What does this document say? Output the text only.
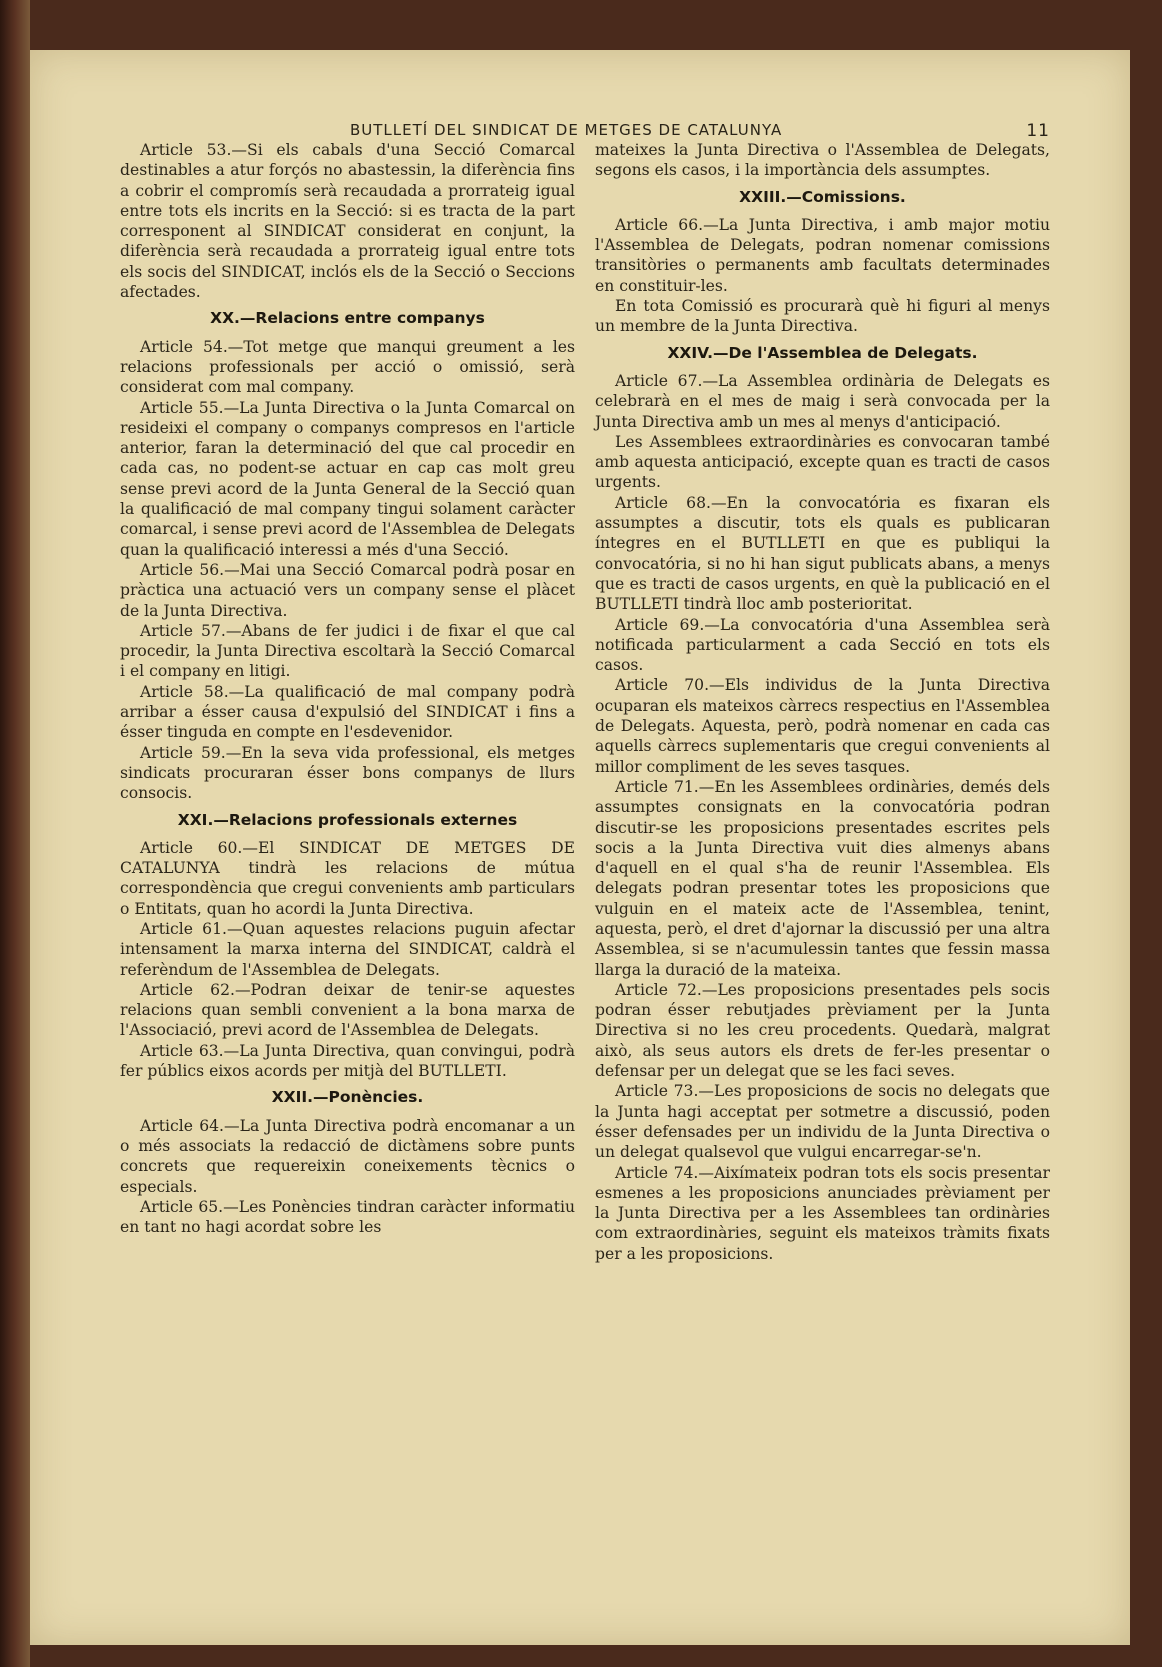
BUTLLETÍ DEL SINDICAT DE METGES DE CATALUNYA	11

Article 53.—Si els cabals d'una Secció Comarcal destinables a atur forçós no abastessin, la diferència fins a cobrir el compromís serà recaudada a prorrateig igual entre tots els incrits en la Secció: si es tracta de la part corresponent al SINDICAT considerat en conjunt, la diferència serà recaudada a prorrateig igual entre tots els socis del SINDICAT, inclós els de la Secció o Seccions afectades.

XX.—Relacions entre companys

Article 54.—Tot metge que manqui greument a les relacions professionals per acció o omissió, serà considerat com mal company.

Article 55.—La Junta Directiva o la Junta Comarcal on resideixi el company o companys compresos en l'article anterior, faran la determinació del que cal procedir en cada cas, no podent-se actuar en cap cas molt greu sense previ acord de la Junta General de la Secció quan la qualificació de mal company tingui solament caràcter comarcal, i sense previ acord de l'Assemblea de Delegats quan la qualificació interessi a més d'una Secció.

Article 56.—Mai una Secció Comarcal podrà posar en pràctica una actuació vers un company sense el plàcet de la Junta Directiva.

Article 57.—Abans de fer judici i de fixar el que cal procedir, la Junta Directiva escoltarà la Secció Comarcal i el company en litigi.

Article 58.—La qualificació de mal company podrà arribar a ésser causa d'expulsió del SINDICAT i fins a ésser tinguda en compte en l'esdevenidor.

Article 59.—En la seva vida professional, els metges sindicats procuraran ésser bons companys de llurs consocis.

XXI.—Relacions professionals externes

Article 60.—El SINDICAT DE METGES DE CATALUNYA tindrà les relacions de mútua correspondència que cregui convenients amb particulars o Entitats, quan ho acordi la Junta Directiva.

Article 61.—Quan aquestes relacions puguin afectar intensament la marxa interna del SINDICAT, caldrà el referèndum de l'Assemblea de Delegats.

Article 62.—Podran deixar de tenir-se aquestes relacions quan sembli convenient a la bona marxa de l'Associació, previ acord de l'Assemblea de Delegats.

Article 63.—La Junta Directiva, quan convingui, podrà fer públics eixos acords per mitjà del BUTLLETI.

XXII.—Ponències.

Article 64.—La Junta Directiva podrà encomanar a un o més associats la redacció de dictàmens sobre punts concrets que requereixin coneixements tècnics o especials.

Article 65.—Les Ponències tindran caràcter informatiu en tant no hagi acordat sobre les

mateixes la Junta Directiva o l'Assemblea de Delegats, segons els casos, i la importància dels assumptes.

XXIII.—Comissions.

Article 66.—La Junta Directiva, i amb major motiu l'Assemblea de Delegats, podran nomenar comissions transitòries o permanents amb facultats determinades en constituir-les.

En tota Comissió es procurarà què hi figuri al menys un membre de la Junta Directiva.

XXIV.—De l'Assemblea de Delegats.

Article 67.—La Assemblea ordinària de Delegats es celebrarà en el mes de maig i serà convocada per la Junta Directiva amb un mes al menys d'anticipació.

Les Assemblees extraordinàries es convocaran també amb aquesta anticipació, excepte quan es tracti de casos urgents.

Article 68.—En la convocatória es fixaran els assumptes a discutir, tots els quals es publicaran íntegres en el BUTLLETI en que es publiqui la convocatória, si no hi han sigut publicats abans, a menys que es tracti de casos urgents, en què la publicació en el BUTLLETI tindrà lloc amb posterioritat.

Article 69.—La convocatória d'una Assemblea serà notificada particularment a cada Secció en tots els casos.

Article 70.—Els individus de la Junta Directiva ocuparan els mateixos càrrecs respectius en l'Assemblea de Delegats. Aquesta, però, podrà nomenar en cada cas aquells càrrecs suplementaris que cregui convenients al millor compliment de les seves tasques.

Article 71.—En les Assemblees ordinàries, demés dels assumptes consignats en la convocatória podran discutir-se les proposicions presentades escrites pels socis a la Junta Directiva vuit dies almenys abans d'aquell en el qual s'ha de reunir l'Assemblea. Els delegats podran presentar totes les proposicions que vulguin en el mateix acte de l'Assemblea, tenint, aquesta, però, el dret d'ajornar la discussió per una altra Assemblea, si se n'acumulessin tantes que fessin massa llarga la duració de la mateixa.

Article 72.—Les proposicions presentades pels socis podran ésser rebutjades prèviament per la Junta Directiva si no les creu procedents. Quedarà, malgrat això, als seus autors els drets de fer-les presentar o defensar per un delegat que se les faci seves.

Article 73.—Les proposicions de socis no delegats que la Junta hagi acceptat per sotmetre a discussió, poden ésser defensades per un individu de la Junta Directiva o un delegat qualsevol que vulgui encarregar-se'n.

Article 74.—Aixímateix podran tots els socis presentar esmenes a les proposicions anunciades prèviament per la Junta Directiva per a les Assemblees tan ordinàries com extraordinàries, seguint els mateixos tràmits fixats per a les proposicions.
